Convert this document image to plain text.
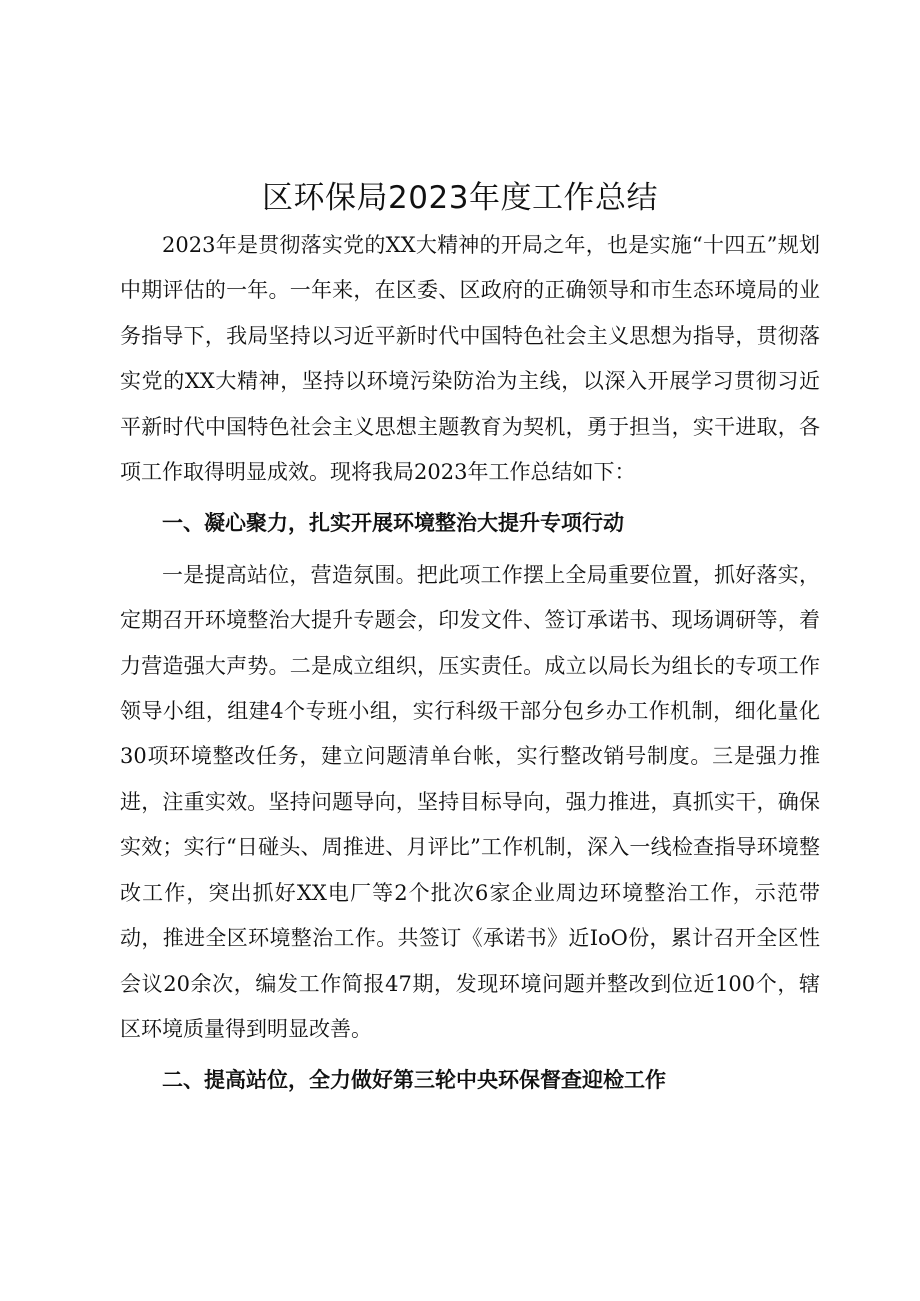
区环保局2023年度工作总结

2023年是贯彻落实党的XX大精神的开局之年，也是实施“十四五”规划中期评估的一年。一年来，在区委、区政府的正确领导和市生态环境局的业务指导下，我局坚持以习近平新时代中国特色社会主义思想为指导，贯彻落实党的XX大精神，坚持以环境污染防治为主线，以深入开展学习贯彻习近平新时代中国特色社会主义思想主题教育为契机，勇于担当，实干进取，各项工作取得明显成效。现将我局2023年工作总结如下：

一、凝心聚力，扎实开展环境整治大提升专项行动

一是提高站位，营造氛围。把此项工作摆上全局重要位置，抓好落实，定期召开环境整治大提升专题会，印发文件、签订承诺书、现场调研等，着力营造强大声势。二是成立组织，压实责任。成立以局长为组长的专项工作领导小组，组建4个专班小组，实行科级干部分包乡办工作机制，细化量化30项环境整改任务，建立问题清单台帐，实行整改销号制度。三是强力推进，注重实效。坚持问题导向，坚持目标导向，强力推进，真抓实干，确保实效；实行“日碰头、周推进、月评比”工作机制，深入一线检查指导环境整改工作，突出抓好XX电厂等2个批次6家企业周边环境整治工作，示范带动，推进全区环境整治工作。共签订《承诺书》近IoO份，累计召开全区性会议20余次，编发工作简报47期，发现环境问题并整改到位近100个，辖区环境质量得到明显改善。

二、提高站位，全力做好第三轮中央环保督查迎检工作
